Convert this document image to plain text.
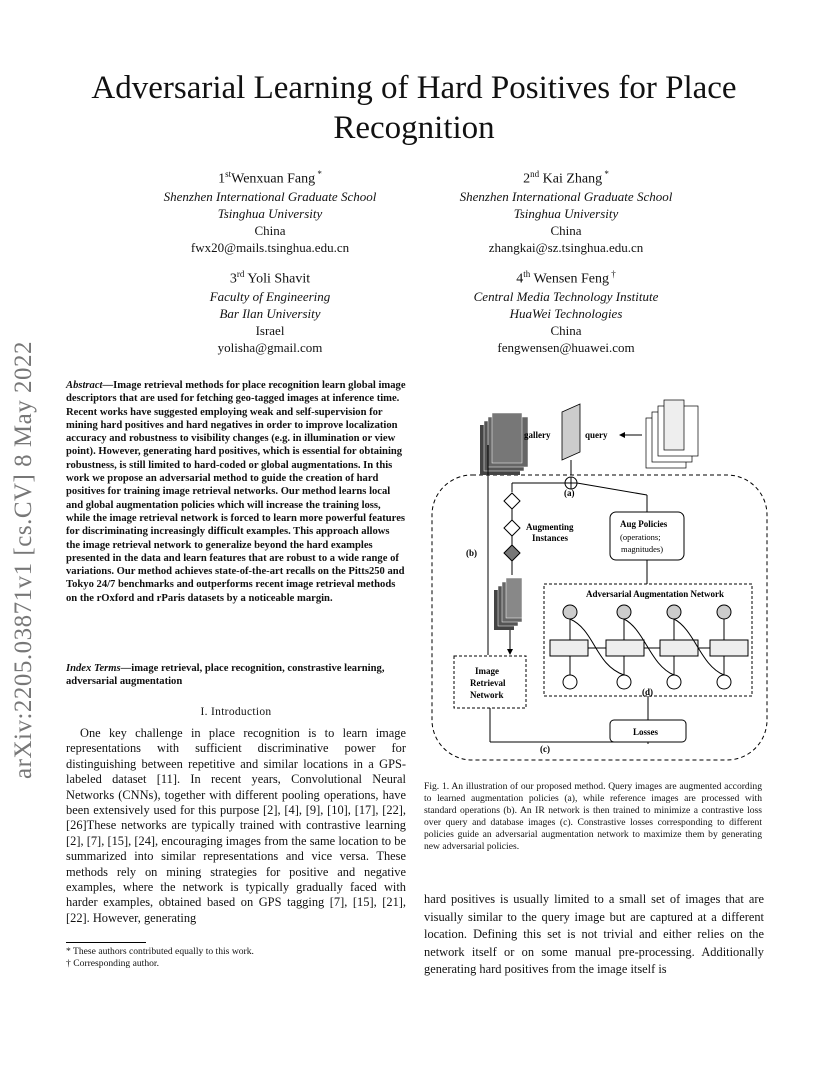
Adversarial Learning of Hard Positives for Place Recognition
arXiv:2205.03871v1 [cs.CV] 8 May 2022
1stWenxuan Fang *
Shenzhen International Graduate School
Tsinghua University
China
fwx20@mails.tsinghua.edu.cn
2nd Kai Zhang *
Shenzhen International Graduate School
Tsinghua University
China
zhangkai@sz.tsinghua.edu.cn
3rd Yoli Shavit
Faculty of Engineering
Bar Ilan University
Israel
yolisha@gmail.com
4th Wensen Feng †
Central Media Technology Institute
HuaWei Technologies
China
fengwensen@huawei.com
Abstract—Image retrieval methods for place recognition learn global image descriptors that are used for fetching geo-tagged images at inference time. Recent works have suggested employing weak and self-supervision for mining hard positives and hard negatives in order to improve localization accuracy and robustness to visibility changes (e.g. in illumination or view point). However, generating hard positives, which is essential for obtaining robustness, is still limited to hard-coded or global augmentations. In this work we propose an adversarial method to guide the creation of hard positives for training image retrieval networks. Our method learns local and global augmentation policies which will increase the training loss, while the image retrieval network is forced to learn more powerful features for discriminating increasingly difficult examples. This approach allows the image retrieval network to generalize beyond the hard examples presented in the data and learn features that are robust to a wide range of variations. Our method achieves state-of-the-art recalls on the Pitts250 and Tokyo 24/7 benchmarks and outperforms recent image retrieval methods on the rOxford and rParis datasets by a noticeable margin.
Index Terms—image retrieval, place recognition, constrastive learning, adversarial augmentation
I. Introduction
One key challenge in place recognition is to learn image representations with sufficient discriminative power for distinguishing between repetitive and similar locations in a GPS-labeled dataset [11]. In recent years, Convolutional Neural Networks (CNNs), together with different pooling operations, have been extensively used for this purpose [2], [4], [9], [10], [17], [22], [26]These networks are typically trained with contrastive learning [2], [7], [15], [24], encouraging images from the same location to be summarized into similar representations and vice versa. These methods rely on mining strategies for positive and negative examples, where the network is typically gradually faced with harder examples, obtained based on GPS tagging [7], [15], [21], [22]. However, generating
* These authors contributed equally to this work.
† Corresponding author.
gallery	query
(a)
Augmenting
Instances
Aug Policies
(operations;
magnitudes)
(b)
Image
Retrieval
Network
(c)
Adversarial Augmentation Network
(d)
Losses
Fig. 1. An illustration of our proposed method. Query images are augmented according to learned augmentation policies (a), while reference images are processed with standard operations (b). An IR network is then trained to minimize a contrastive loss over query and database images (c). Constrastive losses corresponding to different policies guide an adversarial augmentation network to maximize them by generating new adversarial policies.
hard positives is usually limited to a small set of images that are visually similar to the query image but are captured at a different location. Defining this set is not trivial and either relies on the network itself or on some manual pre-processing. Additionally generating hard positives from the image itself is
